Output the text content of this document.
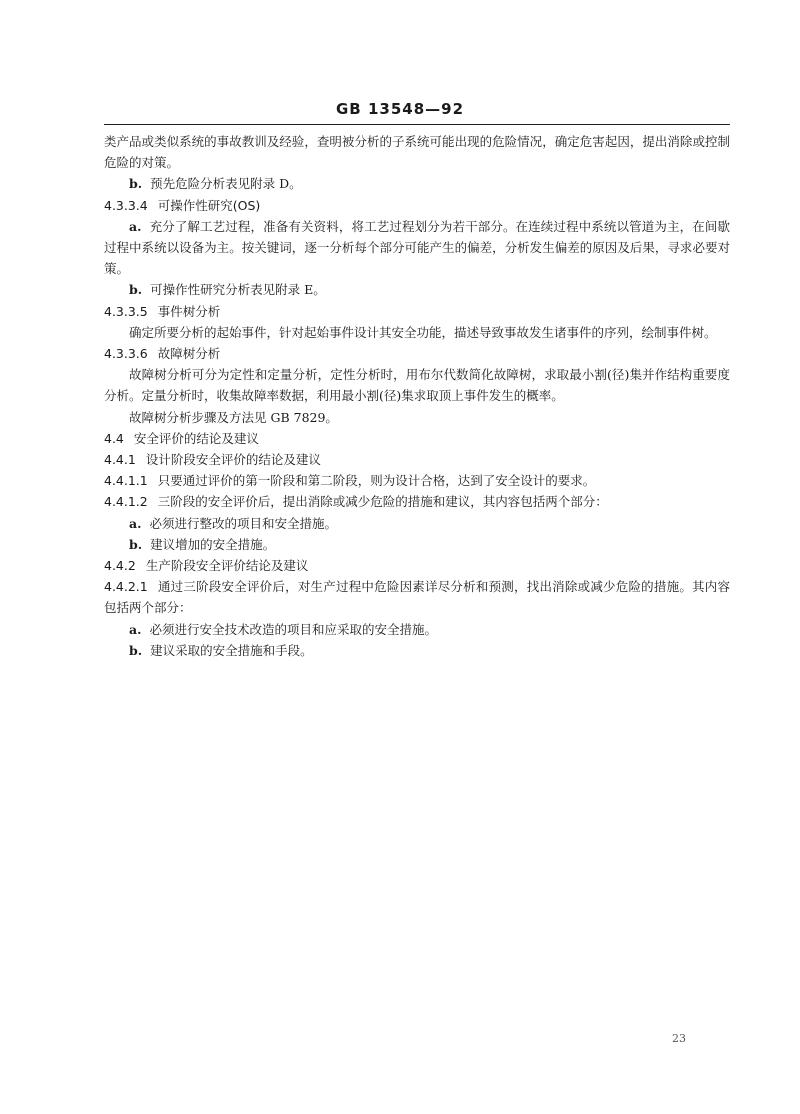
GB 13548—92

类产品或类似系统的事故教训及经验，查明被分析的子系统可能出现的危险情况，确定危害起因，提出消除或控制危险的对策。

b. 预先危险分析表见附录 D。

4.3.3.4 可操作性研究(OS)

a. 充分了解工艺过程，准备有关资料，将工艺过程划分为若干部分。在连续过程中系统以管道为主，在间歇过程中系统以设备为主。按关键词，逐一分析每个部分可能产生的偏差，分析发生偏差的原因及后果，寻求必要对策。

b. 可操作性研究分析表见附录 E。

4.3.3.5 事件树分析

确定所要分析的起始事件，针对起始事件设计其安全功能，描述导致事故发生诸事件的序列，绘制事件树。

4.3.3.6 故障树分析

故障树分析可分为定性和定量分析，定性分析时，用布尔代数简化故障树，求取最小割(径)集并作结构重要度分析。定量分析时，收集故障率数据，利用最小割(径)集求取顶上事件发生的概率。

故障树分析步骤及方法见 GB 7829。

4.4 安全评价的结论及建议

4.4.1 设计阶段安全评价的结论及建议

4.4.1.1 只要通过评价的第一阶段和第二阶段，则为设计合格，达到了安全设计的要求。

4.4.1.2 三阶段的安全评价后，提出消除或减少危险的措施和建议，其内容包括两个部分：

a. 必须进行整改的项目和安全措施。

b. 建议增加的安全措施。

4.4.2 生产阶段安全评价结论及建议

4.4.2.1 通过三阶段安全评价后，对生产过程中危险因素详尽分析和预测，找出消除或减少危险的措施。其内容包括两个部分：

a. 必须进行安全技术改造的项目和应采取的安全措施。

b. 建议采取的安全措施和手段。

23
